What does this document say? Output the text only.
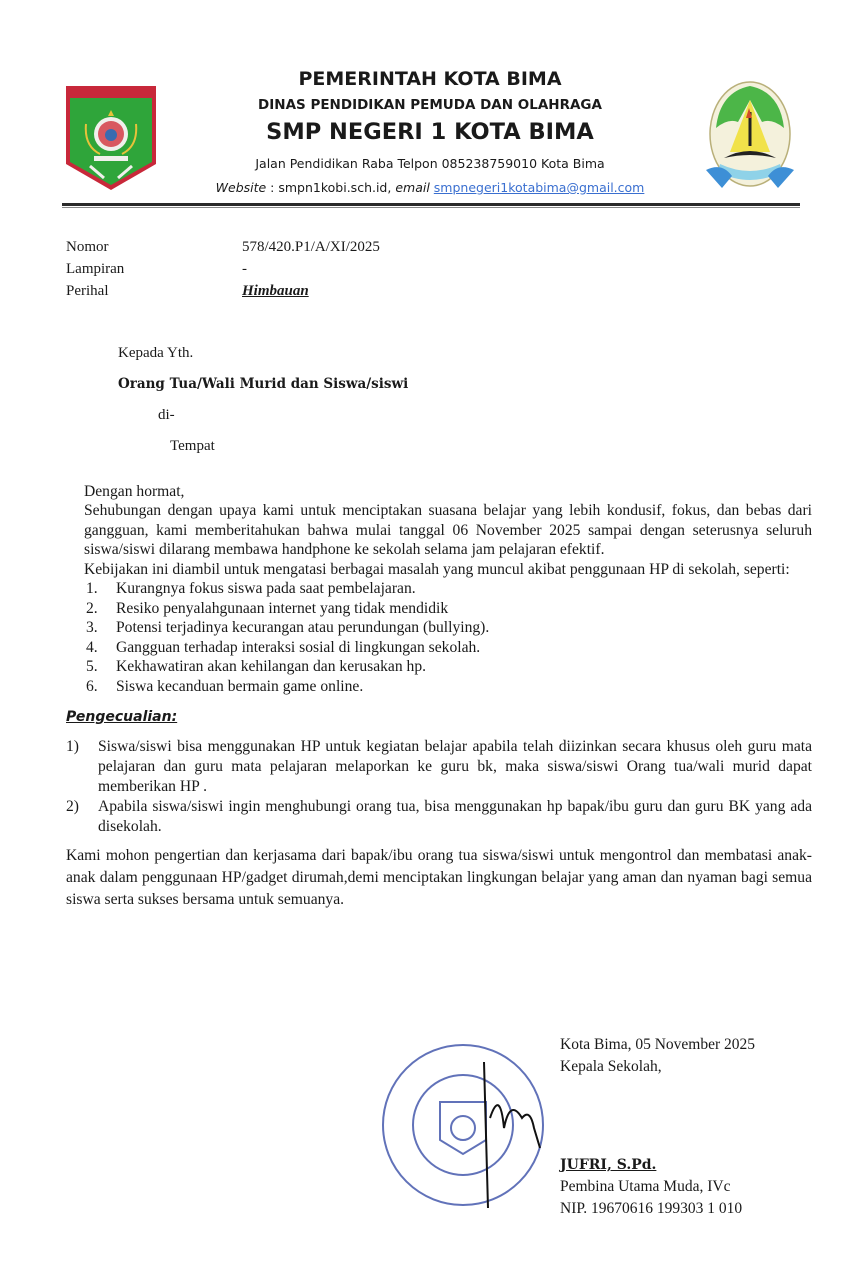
PEMERINTAH KOTA BIMA
DINAS PENDIDIKAN PEMUDA DAN OLAHRAGA
SMP NEGERI 1 KOTA BIMA
Jalan Pendidikan Raba Telpon 085238759010 Kota Bima
Website : smpn1kobi.sch.id, email smpnegeri1kotabima@gmail.com
Nomor	578/420.P1/A/XI/2025
Lampiran	-
Perihal	Himbauan
Kepada Yth.
Orang Tua/Wali Murid dan Siswa/siswi
di-
Tempat
Dengan hormat,
Sehubungan dengan upaya kami untuk menciptakan suasana belajar yang lebih kondusif, fokus, dan bebas dari gangguan, kami memberitahukan bahwa mulai tanggal 06 November 2025 sampai dengan seterusnya seluruh siswa/siswi dilarang membawa handphone ke sekolah selama jam pelajaran efektif.
Kebijakan ini diambil untuk mengatasi berbagai masalah yang muncul akibat penggunaan HP di sekolah, seperti:
1.	Kurangnya fokus siswa pada saat pembelajaran.
2.	Resiko penyalahgunaan internet yang tidak mendidik
3.	Potensi terjadinya kecurangan atau perundungan (bullying).
4.	Gangguan terhadap interaksi sosial di lingkungan sekolah.
5.	Kekhawatiran akan kehilangan dan kerusakan hp.
6.	Siswa kecanduan bermain game online.
Pengecualian:
1)	Siswa/siswi bisa menggunakan HP untuk kegiatan belajar apabila telah diizinkan secara khusus oleh guru mata pelajaran dan guru mata pelajaran melaporkan ke guru bk, maka siswa/siswi Orang tua/wali murid dapat memberikan HP .
2)	Apabila siswa/siswi ingin menghubungi orang tua, bisa menggunakan hp bapak/ibu guru dan guru BK yang ada disekolah.
Kami mohon pengertian dan kerjasama dari bapak/ibu orang tua siswa/siswi untuk mengontrol dan membatasi anak- anak dalam penggunaan HP/gadget dirumah,demi menciptakan lingkungan belajar yang aman dan nyaman bagi semua siswa serta sukses bersama untuk semuanya.
Kota Bima, 05 November 2025
Kepala Sekolah,
JUFRI, S.Pd.
Pembina Utama Muda, IVc
NIP. 19670616 199303 1 010
